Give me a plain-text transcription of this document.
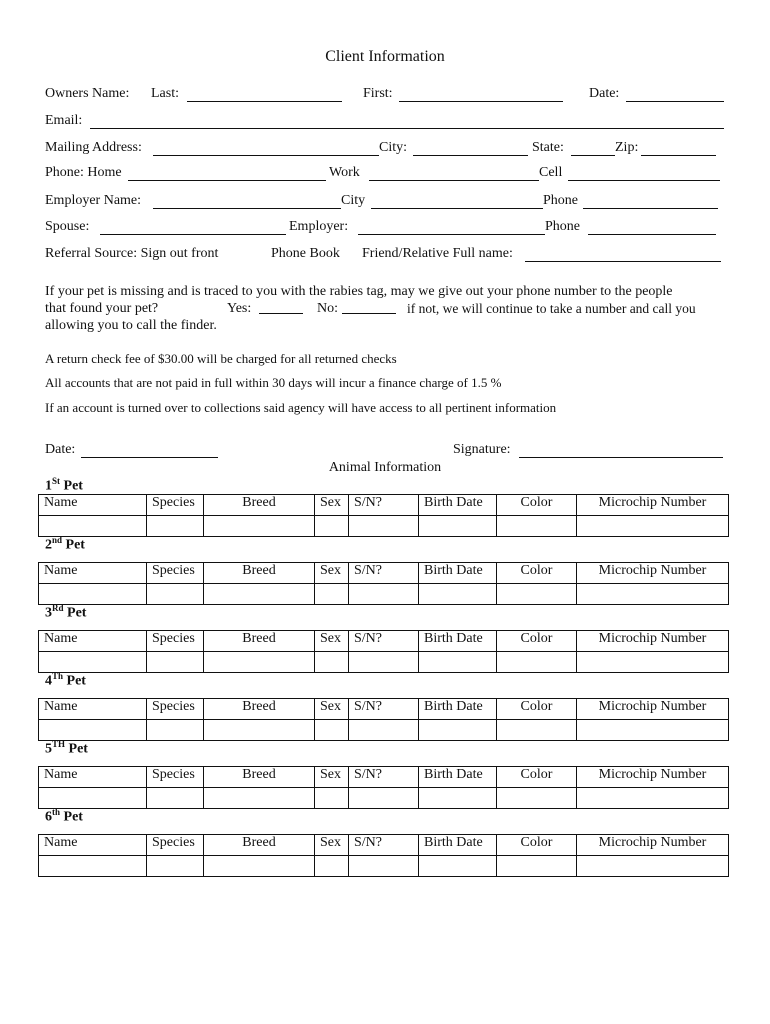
Client Information
Owners Name: Last:	First:	Date:
Email:
Mailing Address:	City:	State:	Zip:
Phone: Home	Work	Cell
Employer Name:	City	Phone
Spouse:	Employer:	Phone
Referral Source: Sign out front	Phone Book Friend/Relative Full name:
If your pet is missing and is traced to you with the rabies tag, may we give out your phone number to the people
that found your pet?	Yes:	No:	if not, we will continue to take a number and call you
allowing you to call the finder.
A return check fee of $30.00 will be charged for all returned checks
All accounts that are not paid in full within 30 days will incur a finance charge of 1.5 %
If an account is turned over to collections said agency will have access to all pertinent information
Date:	Signature:
Animal Information
1St Pet
Name	Species	Breed	Sex	S/N?	Birth Date	Color	Microchip Number

2nd Pet
Name	Species	Breed	Sex	S/N?	Birth Date	Color	Microchip Number

3Rd Pet
Name	Species	Breed	Sex	S/N?	Birth Date	Color	Microchip Number

4Th Pet
Name	Species	Breed	Sex	S/N?	Birth Date	Color	Microchip Number

5TH Pet
Name	Species	Breed	Sex	S/N?	Birth Date	Color	Microchip Number

6th Pet
Name	Species	Breed	Sex	S/N?	Birth Date	Color	Microchip Number
